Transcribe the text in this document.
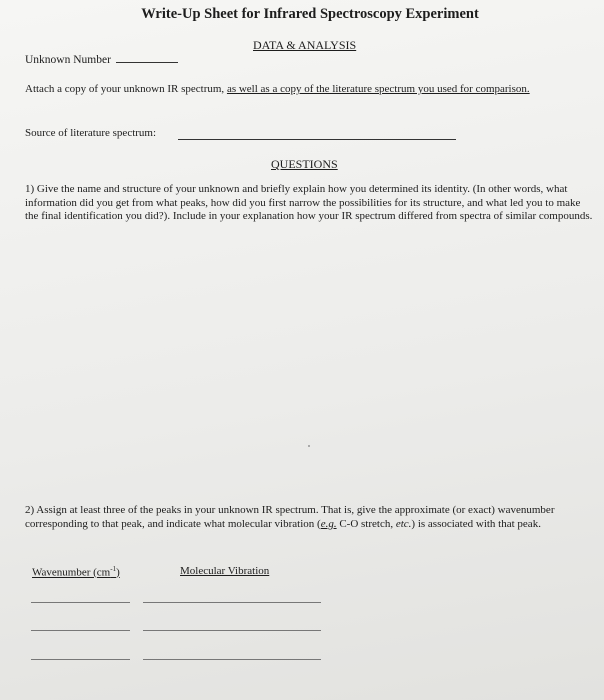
Write-Up Sheet for Infrared Spectroscopy Experiment
DATA & ANALYSIS
Unknown Number
Attach a copy of your unknown IR spectrum, as well as a copy of the literature spectrum you used for comparison.
Source of literature spectrum:
QUESTIONS
1) Give the name and structure of your unknown and briefly explain how you determined its identity. (In other words, what information did you get from what peaks, how did you first narrow the possibilities for its structure, and what led you to make the final identification you did?). Include in your explanation how your IR spectrum differed from spectra of similar compounds.
2) Assign at least three of the peaks in your unknown IR spectrum. That is, give the approximate (or exact) wavenumber corresponding to that peak, and indicate what molecular vibration (e.g. C-O stretch, etc.) is associated with that peak.
Wavenumber $(cm^{-1})$	Molecular Vibration
